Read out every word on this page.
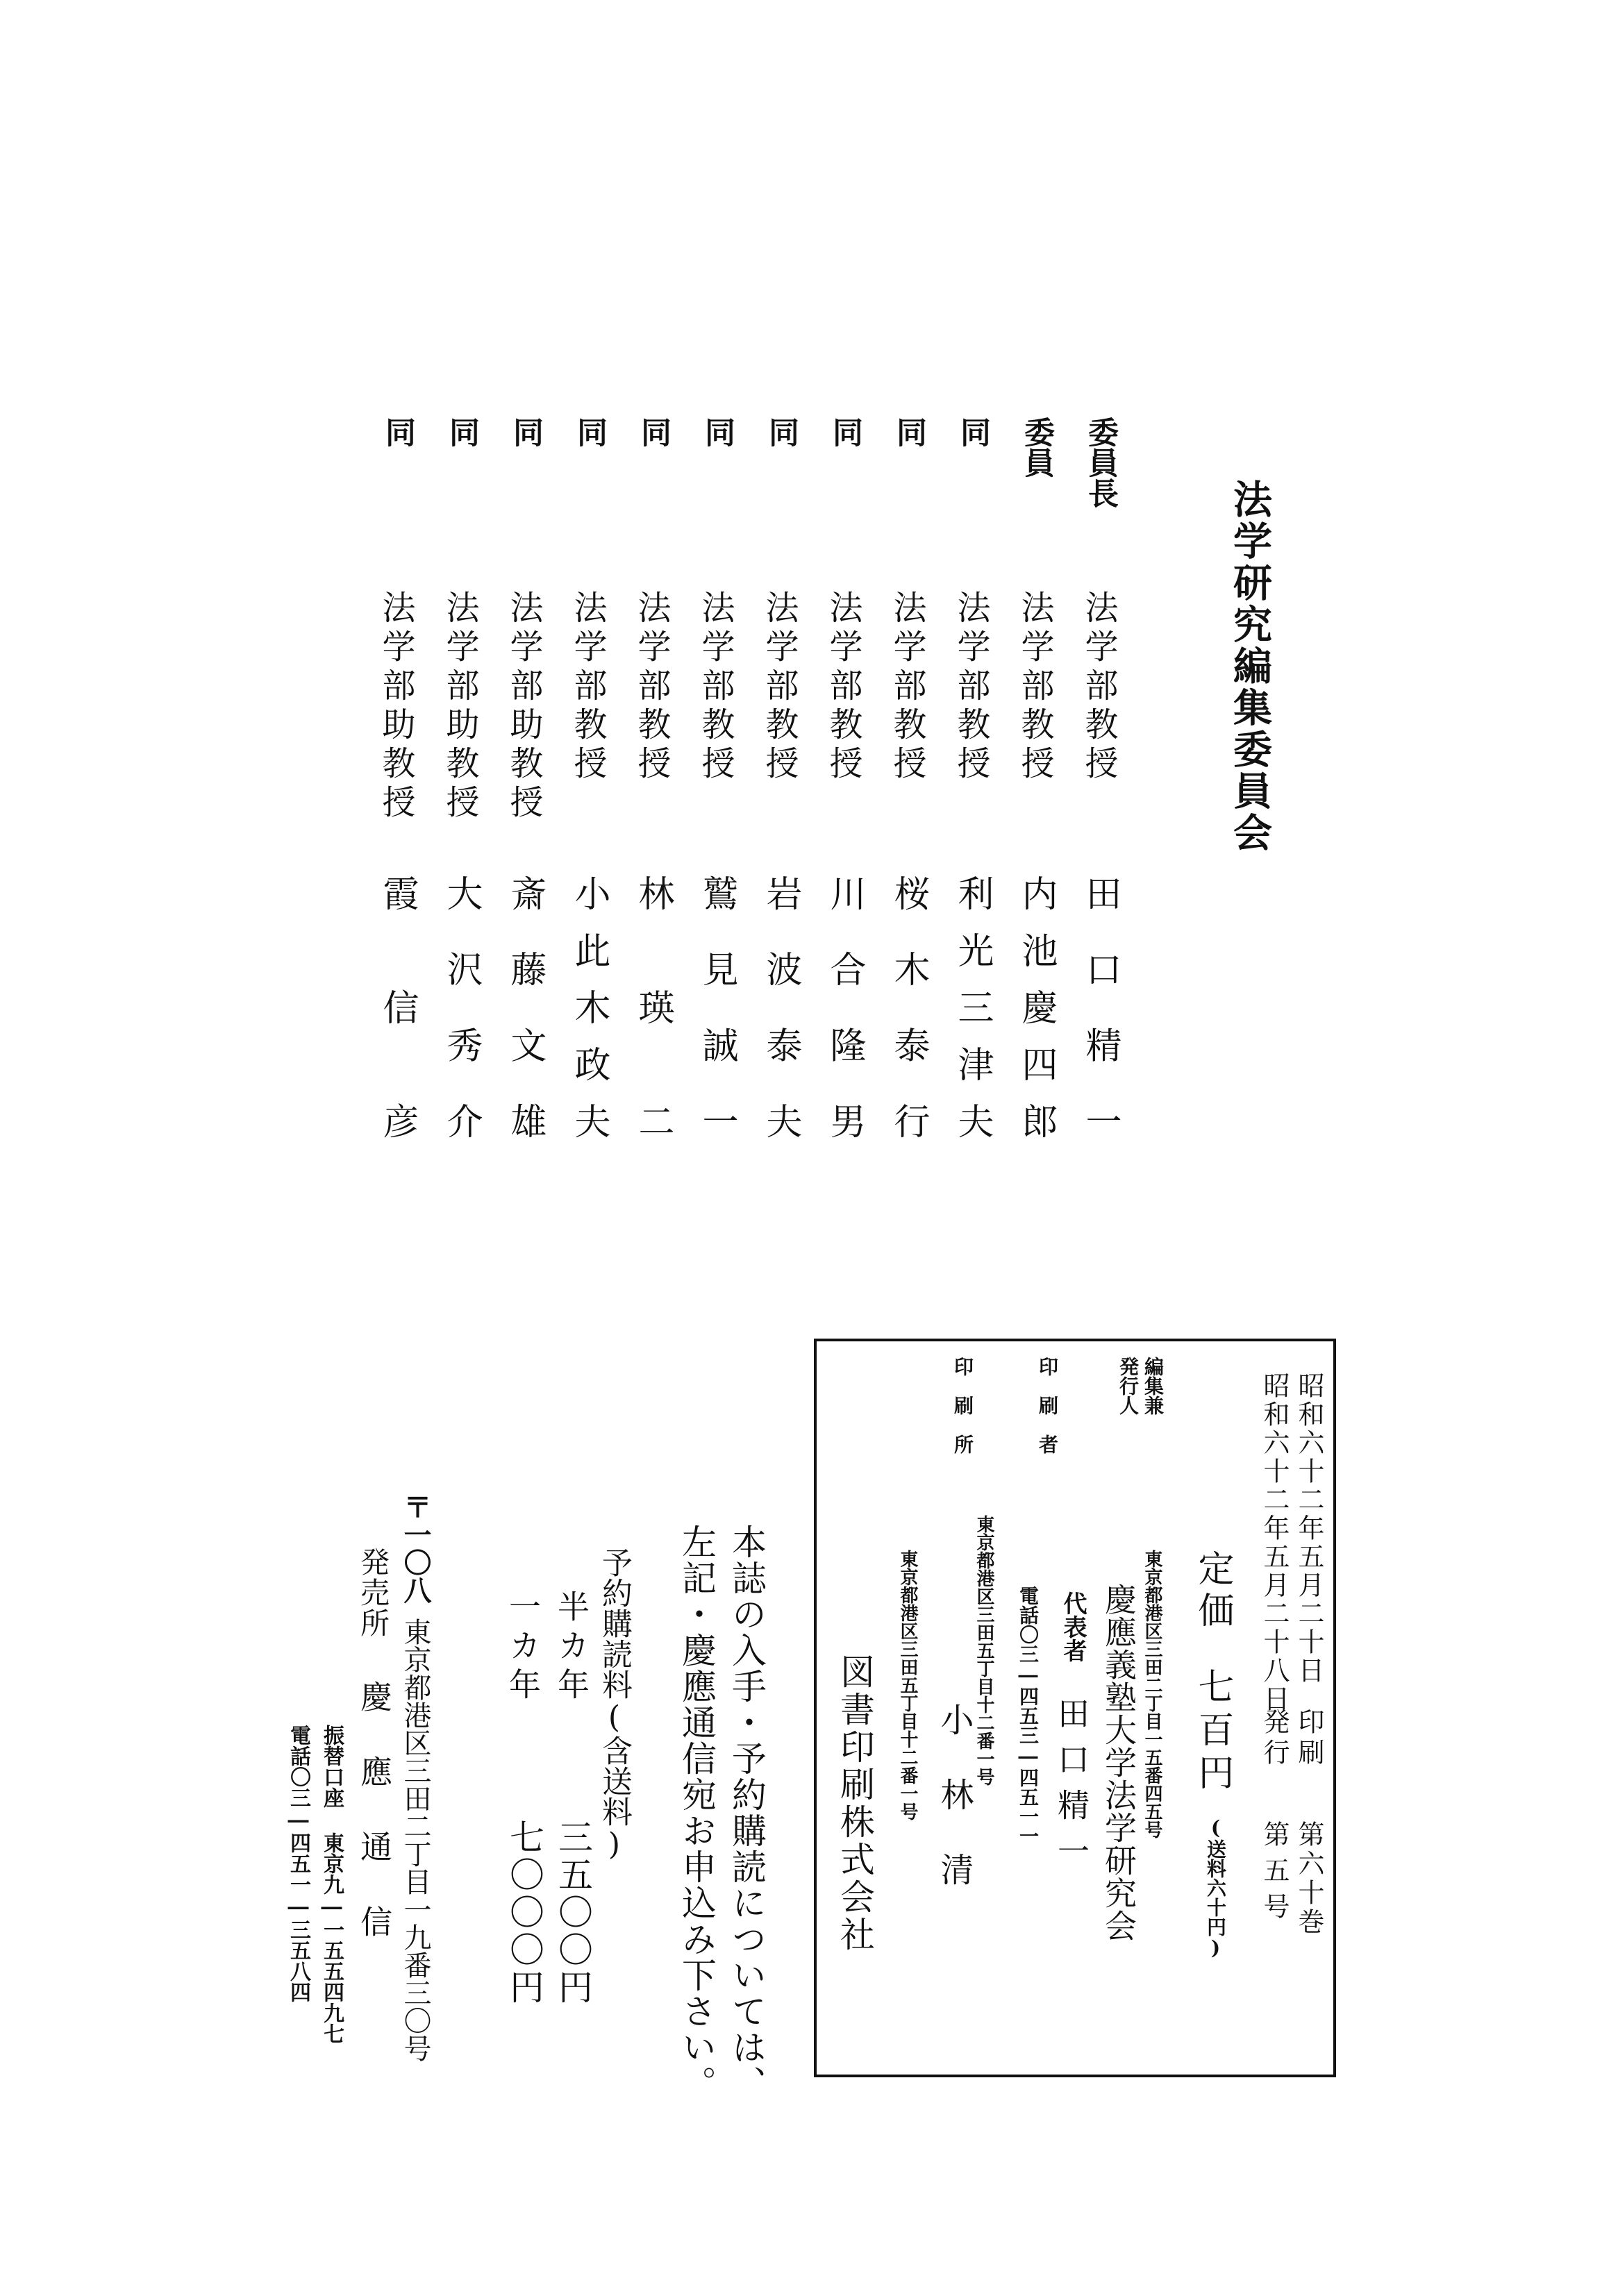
法学研究編集委員会
委員長
法学部教授
田口精一
委員
法学部教授
内池慶四郎
同
法学部教授
利光三津夫
同
法学部教授
桜木泰行
同
法学部教授
川合隆男
同
法学部教授
岩波泰夫
同
法学部教授
鷲見誠一
同
法学部教授
林瑛二
同
法学部教授
小此木政夫
同
法学部助教授
斎藤文雄
同
法学部助教授
大沢秀介
同
法学部助教授
霞信彦
昭和六十二年五月二十日
印刷
第六十巻
昭和六十二年五月二十八日
発行
第五号
定価
七百円
(送料六十円)
編集兼
発行人
東京都港区三田二丁目一五番四五号
慶應義塾大学法学研究会
代表者
田口精一
電話〇三―四五三―四五一一
印刷者
東京都港区三田五丁目十二番一号
小林清
印刷所
東京都港区三田五丁目十二番一号
図書印刷株式会社
本誌の入手・予約購読については、
左記・慶應通信宛お申込み下さい。
予約購読料(含送料)
半カ年
三五〇〇円
一カ年
七〇〇〇円
〒一〇八
東京都港区三田二丁目一九番三〇号
発売所
慶應通信
振替口座 東京九―一五五四九七
電話〇三―四五一―三五八四
